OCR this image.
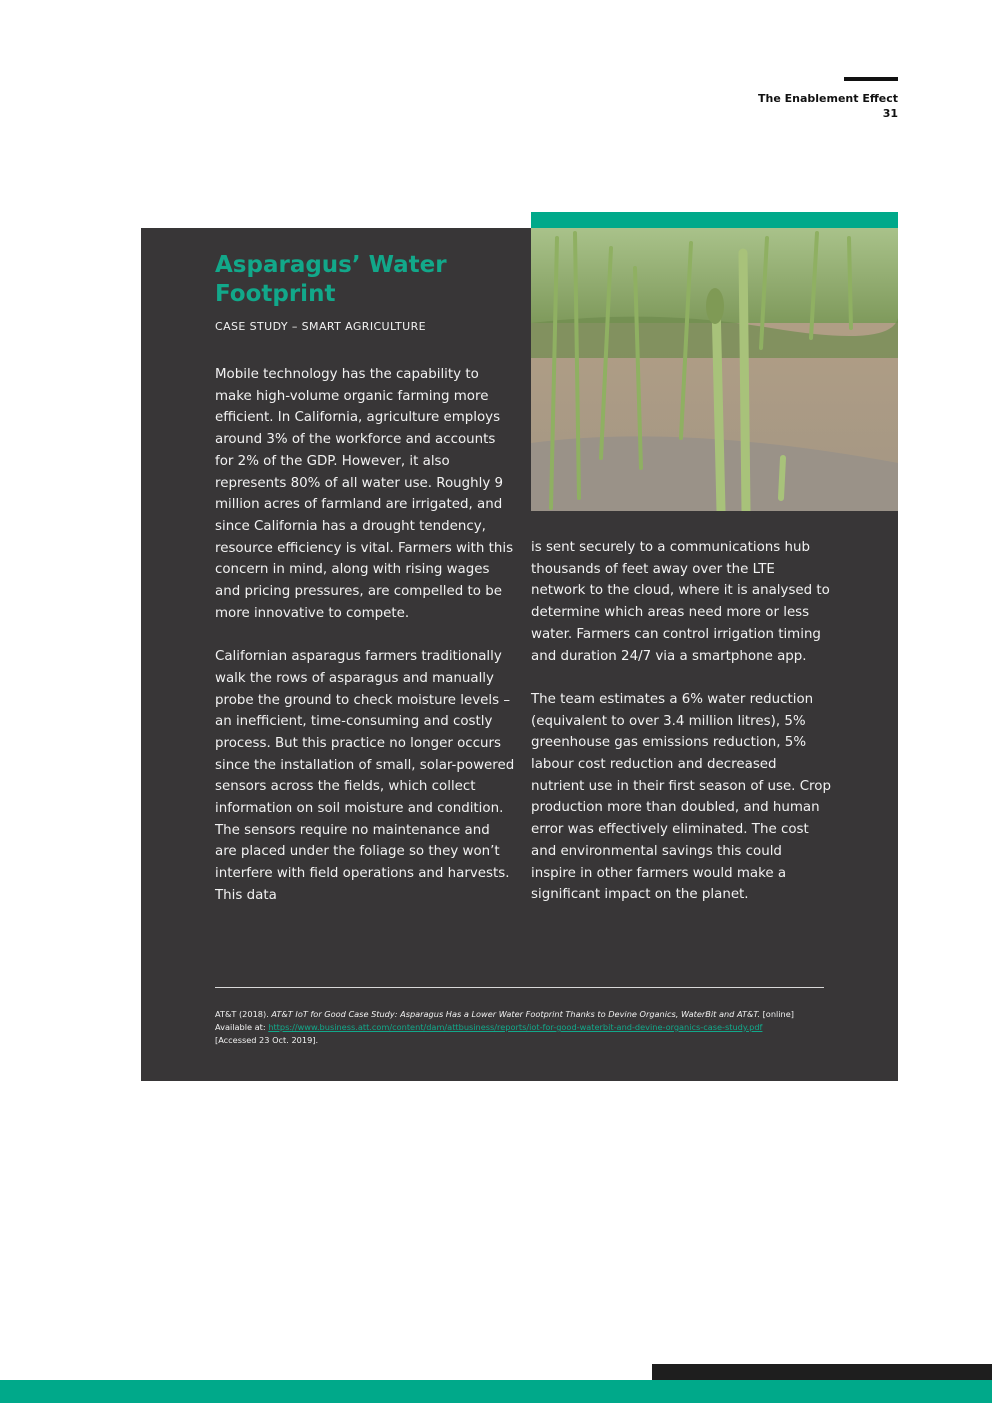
The Enablement Effect
31
Asparagus’ Water Footprint
CASE STUDY – SMART AGRICULTURE

Mobile technology has the capability to make high-volume organic farming more efficient. In California, agriculture employs around 3% of the workforce and accounts for 2% of the GDP. However, it also represents 80% of all water use. Roughly 9 million acres of farmland are irrigated, and since California has a drought tendency, resource efficiency is vital. Farmers with this concern in mind, along with rising wages and pricing pressures, are compelled to be more innovative to compete.

Californian asparagus farmers traditionally walk the rows of asparagus and manually probe the ground to check moisture levels – an inefficient, time-consuming and costly process. But this practice no longer occurs since the installation of small, solar-powered sensors across the fields, which collect information on soil moisture and condition. The sensors require no maintenance and are placed under the foliage so they won’t interfere with field operations and harvests. This data

is sent securely to a communications hub thousands of feet away over the LTE network to the cloud, where it is analysed to determine which areas need more or less water. Farmers can control irrigation timing and duration 24/7 via a smartphone app.

The team estimates a 6% water reduction (equivalent to over 3.4 million litres), 5% greenhouse gas emissions reduction, 5% labour cost reduction and decreased nutrient use in their first season of use. Crop production more than doubled, and human error was effectively eliminated. The cost and environmental savings this could inspire in other farmers would make a significant impact on the planet.

AT&T (2018). AT&T IoT for Good Case Study: Asparagus Has a Lower Water Footprint Thanks to Devine Organics, WaterBit and AT&T. [online]
Available at: https://www.business.att.com/content/dam/attbusiness/reports/iot-for-good-waterbit-and-devine-organics-case-study.pdf
[Accessed 23 Oct. 2019].
